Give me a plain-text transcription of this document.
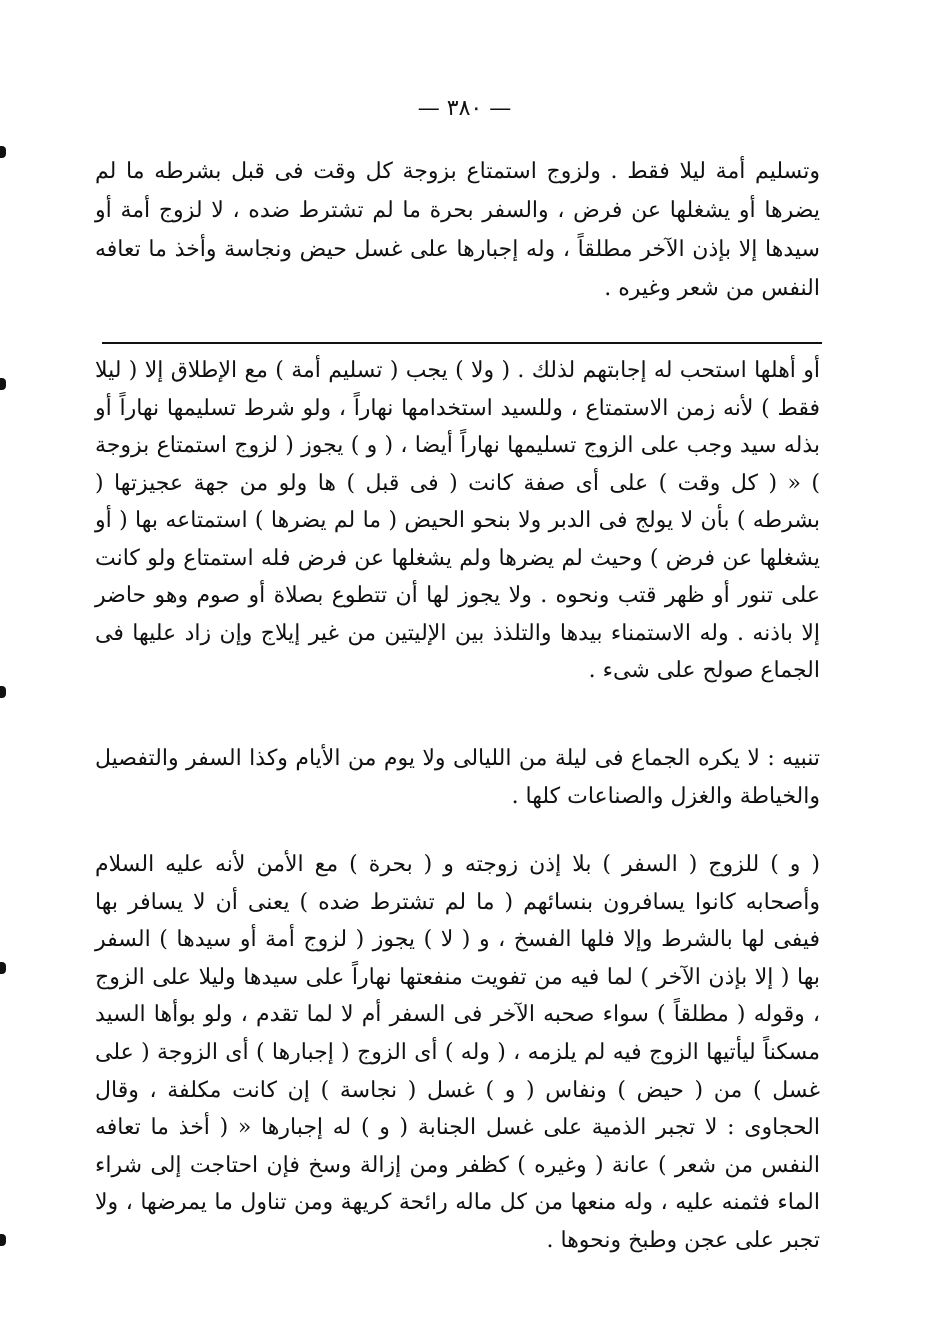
— ٣٨٠ —

وتسليم أمة ليلا فقط . ولزوج استمتاع بزوجة كل وقت فى قبل بشرطه ما لم يضرها أو يشغلها عن فرض ، والسفر بحرة ما لم تشترط ضده ، لا لزوج أمة أو سيدها إلا بإذن الآخر مطلقاً ، وله إجبارها على غسل حيض ونجاسة وأخذ ما تعافه النفس من شعر وغيره .

أو أهلها استحب له إجابتهم لذلك . ( ولا ) يجب ( تسليم أمة ) مع الإطلاق إلا ( ليلا فقط ) لأنه زمن الاستمتاع ، وللسيد استخدامها نهاراً ، ولو شرط تسليمها نهاراً أو بذله سيد وجب على الزوج تسليمها نهاراً أيضا ، ( و ) يجوز ( لزوج استمتاع بزوجة ) « ( كل وقت ) على أى صفة كانت ( فى قبل ) ها ولو من جهة عجيزتها ( بشرطه ) بأن لا يولج فى الدبر ولا بنحو الحيض ( ما لم يضرها ) استمتاعه بها ( أو يشغلها عن فرض ) وحيث لم يضرها ولم يشغلها عن فرض فله استمتاع ولو كانت على تنور أو ظهر قتب ونحوه . ولا يجوز لها أن تتطوع بصلاة أو صوم وهو حاضر إلا باذنه . وله الاستمناء بيدها والتلذذ بين الإليتين من غير إيلاج وإن زاد عليها فى الجماع صولح على شىء .

تنبيه : لا يكره الجماع فى ليلة من الليالى ولا يوم من الأيام وكذا السفر والتفصيل والخياطة والغزل والصناعات كلها .

( و ) للزوج ( السفر ) بلا إذن زوجته و ( بحرة ) مع الأمن لأنه عليه السلام وأصحابه كانوا يسافرون بنسائهم ( ما لم تشترط ضده ) يعنى أن لا يسافر بها فيفى لها بالشرط وإلا فلها الفسخ ، و ( لا ) يجوز ( لزوج أمة أو سيدها ) السفر بها ( إلا بإذن الآخر ) لما فيه من تفويت منفعتها نهاراً على سيدها وليلا على الزوج ، وقوله ( مطلقاً ) سواء صحبه الآخر فى السفر أم لا لما تقدم ، ولو بوأها السيد مسكناً ليأتيها الزوج فيه لم يلزمه ، ( وله ) أى الزوج ( إجبارها ) أى الزوجة ( على غسل ) من ( حيض ) ونفاس ( و ) غسل ( نجاسة ) إن كانت مكلفة ، وقال الحجاوى : لا تجبر الذمية على غسل الجنابة ( و ) له إجبارها « ( أخذ ما تعافه النفس من شعر ) عانة ( وغيره ) كظفر ومن إزالة وسخ فإن احتاجت إلى شراء الماء فثمنه عليه ، وله منعها من كل ماله رائحة كريهة ومن تناول ما يمرضها ، ولا تجبر على عجن وطبخ ونحوها .
